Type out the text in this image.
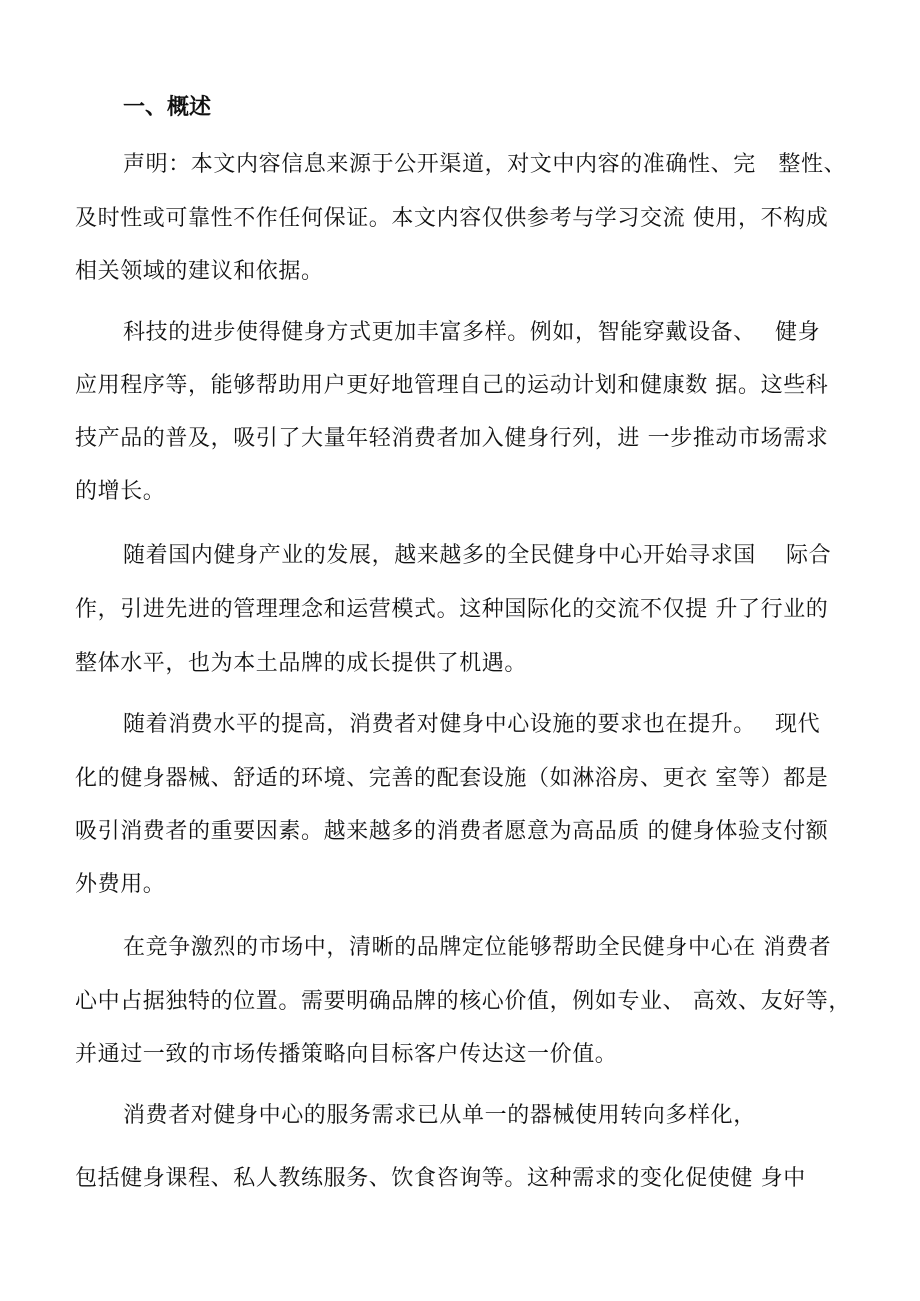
一、概述

声明：本文内容信息来源于公开渠道，对文中内容的准确性、完　整性、

及时性或可靠性不作任何保证。本文内容仅供参考与学习交流 使用，不构成

相关领域的建议和依据。

科技的进步使得健身方式更加丰富多样。例如，智能穿戴设备、　 健身

应用程序等，能够帮助用户更好地管理自己的运动计划和健康数 据。这些科

技产品的普及，吸引了大量年轻消费者加入健身行列，进 一步推动市场需求

的增长。

随着国内健身产业的发展，越来越多的全民健身中心开始寻求国　 际合

作，引进先进的管理理念和运营模式。这种国际化的交流不仅提 升了行业的

整体水平，也为本土品牌的成长提供了机遇。

随着消费水平的提高，消费者对健身中心设施的要求也在提升。　 现代

化的健身器械、舒适的环境、完善的配套设施（如淋浴房、更衣 室等）都是

吸引消费者的重要因素。越来越多的消费者愿意为高品质 的健身体验支付额

外费用。

在竞争激烈的市场中，清晰的品牌定位能够帮助全民健身中心在 消费者

心中占据独特的位置。需要明确品牌的核心价值，例如专业、 高效、友好等，

并通过一致的市场传播策略向目标客户传达这一价值。

消费者对健身中心的服务需求已从单一的器械使用转向多样化，

包括健身课程、私人教练服务、饮食咨询等。这种需求的变化促使健 身中
